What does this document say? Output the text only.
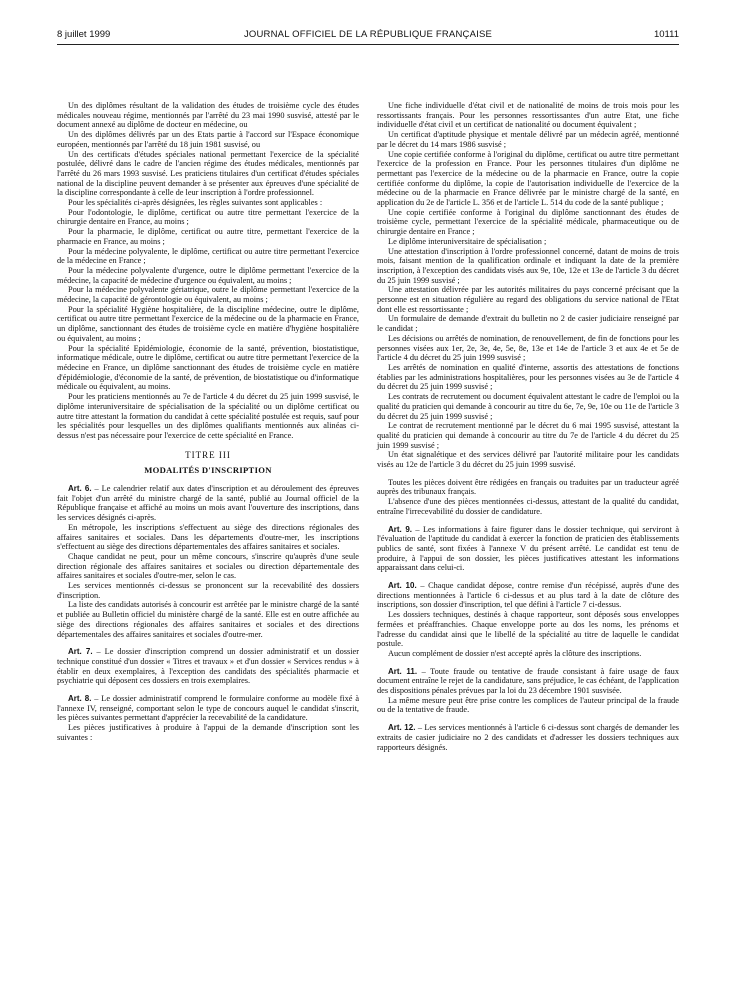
8 juillet 1999	JOURNAL OFFICIEL DE LA RÉPUBLIQUE FRANÇAISE	10111

Un des diplômes résultant de la validation des études de troisième cycle des études médicales nouveau régime, mentionnés par l'arrêté du 23 mai 1990 susvisé, attesté par le document annexé au diplôme de docteur en médecine, ou

Un des diplômes délivrés par un des Etats partie à l'accord sur l'Espace économique européen, mentionnés par l'arrêté du 18 juin 1981 susvisé, ou

Un des certificats d'études spéciales national permettant l'exercice de la spécialité postulée, délivré dans le cadre de l'ancien régime des études médicales, mentionnés par l'arrêté du 26 mars 1993 susvisé. Les praticiens titulaires d'un certificat d'études spéciales national de la discipline peuvent demander à se présenter aux épreuves d'une spécialité de la discipline correspondante à celle de leur inscription à l'ordre professionnel.

Pour les spécialités ci-après désignées, les règles suivantes sont applicables :

Pour l'odontologie, le diplôme, certificat ou autre titre permettant l'exercice de la chirurgie dentaire en France, au moins ;

Pour la pharmacie, le diplôme, certificat ou autre titre, permettant l'exercice de la pharmacie en France, au moins ;

Pour la médecine polyvalente, le diplôme, certificat ou autre titre permettant l'exercice de la médecine en France ;

Pour la médecine polyvalente d'urgence, outre le diplôme permettant l'exercice de la médecine, la capacité de médecine d'urgence ou équivalent, au moins ;

Pour la médecine polyvalente gériatrique, outre le diplôme permettant l'exercice de la médecine, la capacité de gérontologie ou équivalent, au moins ;

Pour la spécialité Hygiène hospitalière, de la discipline médecine, outre le diplôme, certificat ou autre titre permettant l'exercice de la médecine ou de la pharmacie en France, un diplôme, sanctionnant des études de troisième cycle en matière d'hygiène hospitalière ou équivalent, au moins ;

Pour la spécialité Epidémiologie, économie de la santé, prévention, biostatistique, informatique médicale, outre le diplôme, certificat ou autre titre permettant l'exercice de la médecine en France, un diplôme sanctionnant des études de troisième cycle en matière d'épidémiologie, d'économie de la santé, de prévention, de biostatistique ou d'informatique médicale ou équivalent, au moins.

Pour les praticiens mentionnés au 7e de l'article 4 du décret du 25 juin 1999 susvisé, le diplôme interuniversitaire de spécialisation de la spécialité ou un diplôme certificat ou autre titre attestant la formation du candidat à cette spécialité postulée est requis, sauf pour les spécialités pour lesquelles un des diplômes qualifiants mentionnés aux alinéas ci-dessus n'est pas nécessaire pour l'exercice de cette spécialité en France.

TITRE III

MODALITÉS D'INSCRIPTION

Art. 6. – Le calendrier relatif aux dates d'inscription et au déroulement des épreuves fait l'objet d'un arrêté du ministre chargé de la santé, publié au Journal officiel de la République française et affiché au moins un mois avant l'ouverture des inscriptions, dans les services désignés ci-après.

En métropole, les inscriptions s'effectuent au siège des directions régionales des affaires sanitaires et sociales. Dans les départements d'outre-mer, les inscriptions s'effectuent au siège des directions départementales des affaires sanitaires et sociales.

Chaque candidat ne peut, pour un même concours, s'inscrire qu'auprès d'une seule direction régionale des affaires sanitaires et sociales ou direction départementale des affaires sanitaires et sociales d'outre-mer, selon le cas.

Les services mentionnés ci-dessus se prononcent sur la recevabilité des dossiers d'inscription.

La liste des candidats autorisés à concourir est arrêtée par le ministre chargé de la santé et publiée au Bulletin officiel du ministère chargé de la santé. Elle est en outre affichée au siège des directions régionales des affaires sanitaires et sociales et des directions départementales des affaires sanitaires et sociales d'outre-mer.

Art. 7. – Le dossier d'inscription comprend un dossier administratif et un dossier technique constitué d'un dossier « Titres et travaux » et d'un dossier « Services rendus » à établir en deux exemplaires, à l'exception des candidats des spécialités pharmacie et psychiatrie qui déposent ces dossiers en trois exemplaires.

Art. 8. – Le dossier administratif comprend le formulaire conforme au modèle fixé à l'annexe IV, renseigné, comportant selon le type de concours auquel le candidat s'inscrit, les pièces suivantes permettant d'apprécier la recevabilité de la candidature.

Les pièces justificatives à produire à l'appui de la demande d'inscription sont les suivantes :

Une fiche individuelle d'état civil et de nationalité de moins de trois mois pour les ressortissants français. Pour les personnes ressortissantes d'un autre Etat, une fiche individuelle d'état civil et un certificat de nationalité ou document équivalent ;

Un certificat d'aptitude physique et mentale délivré par un médecin agréé, mentionné par le décret du 14 mars 1986 susvisé ;

Une copie certifiée conforme à l'original du diplôme, certificat ou autre titre permettant l'exercice de la profession en France. Pour les personnes titulaires d'un diplôme ne permettant pas l'exercice de la médecine ou de la pharmacie en France, outre la copie certifiée conforme du diplôme, la copie de l'autorisation individuelle de l'exercice de la médecine ou de la pharmacie en France délivrée par le ministre chargé de la santé, en application du 2e de l'article L. 356 et de l'article L. 514 du code de la santé publique ;

Une copie certifiée conforme à l'original du diplôme sanctionnant des études de troisième cycle, permettant l'exercice de la spécialité médicale, pharmaceutique ou de chirurgie dentaire en France ;

Le diplôme interuniversitaire de spécialisation ;

Une attestation d'inscription à l'ordre professionnel concerné, datant de moins de trois mois, faisant mention de la qualification ordinale et indiquant la date de la première inscription, à l'exception des candidats visés aux 9e, 10e, 12e et 13e de l'article 3 du décret du 25 juin 1999 susvisé ;

Une attestation délivrée par les autorités militaires du pays concerné précisant que la personne est en situation régulière au regard des obligations du service national de l'Etat dont elle est ressortissante ;

Un formulaire de demande d'extrait du bulletin no 2 de casier judiciaire renseigné par le candidat ;

Les décisions ou arrêtés de nomination, de renouvellement, de fin de fonctions pour les personnes visées aux 1er, 2e, 3e, 4e, 5e, 8e, 13e et 14e de l'article 3 et aux 4e et 5e de l'article 4 du décret du 25 juin 1999 susvisé ;

Les arrêtés de nomination en qualité d'interne, assortis des attestations de fonctions établies par les administrations hospitalières, pour les personnes visées au 3e de l'article 4 du décret du 25 juin 1999 susvisé ;

Les contrats de recrutement ou document équivalent attestant le cadre de l'emploi ou la qualité du praticien qui demande à concourir au titre du 6e, 7e, 9e, 10e ou 11e de l'article 3 du décret du 25 juin 1999 susvisé ;

Le contrat de recrutement mentionné par le décret du 6 mai 1995 susvisé, attestant la qualité du praticien qui demande à concourir au titre du 7e de l'article 4 du décret du 25 juin 1999 susvisé ;

Un état signalétique et des services délivré par l'autorité militaire pour les candidats visés au 12e de l'article 3 du décret du 25 juin 1999 susvisé.

Toutes les pièces doivent être rédigées en français ou traduites par un traducteur agréé auprès des tribunaux français.

L'absence d'une des pièces mentionnées ci-dessus, attestant de la qualité du candidat, entraîne l'irrecevabilité du dossier de candidature.

Art. 9. – Les informations à faire figurer dans le dossier technique, qui serviront à l'évaluation de l'aptitude du candidat à exercer la fonction de praticien des établissements publics de santé, sont fixées à l'annexe V du présent arrêté. Le candidat est tenu de produire, à l'appui de son dossier, les pièces justificatives attestant les informations apparaissant dans celui-ci.

Art. 10. – Chaque candidat dépose, contre remise d'un récépissé, auprès d'une des directions mentionnées à l'article 6 ci-dessus et au plus tard à la date de clôture des inscriptions, son dossier d'inscription, tel que défini à l'article 7 ci-dessus.

Les dossiers techniques, destinés à chaque rapporteur, sont déposés sous enveloppes fermées et préaffranchies. Chaque enveloppe porte au dos les noms, les prénoms et l'adresse du candidat ainsi que le libellé de la spécialité au titre de laquelle le candidat postule.

Aucun complément de dossier n'est accepté après la clôture des inscriptions.

Art. 11. – Toute fraude ou tentative de fraude consistant à faire usage de faux document entraîne le rejet de la candidature, sans préjudice, le cas échéant, de l'application des dispositions pénales prévues par la loi du 23 décembre 1901 susvisée.

La même mesure peut être prise contre les complices de l'auteur principal de la fraude ou de la tentative de fraude.

Art. 12. – Les services mentionnés à l'article 6 ci-dessus sont chargés de demander les extraits de casier judiciaire no 2 des candidats et d'adresser les dossiers techniques aux rapporteurs désignés.
